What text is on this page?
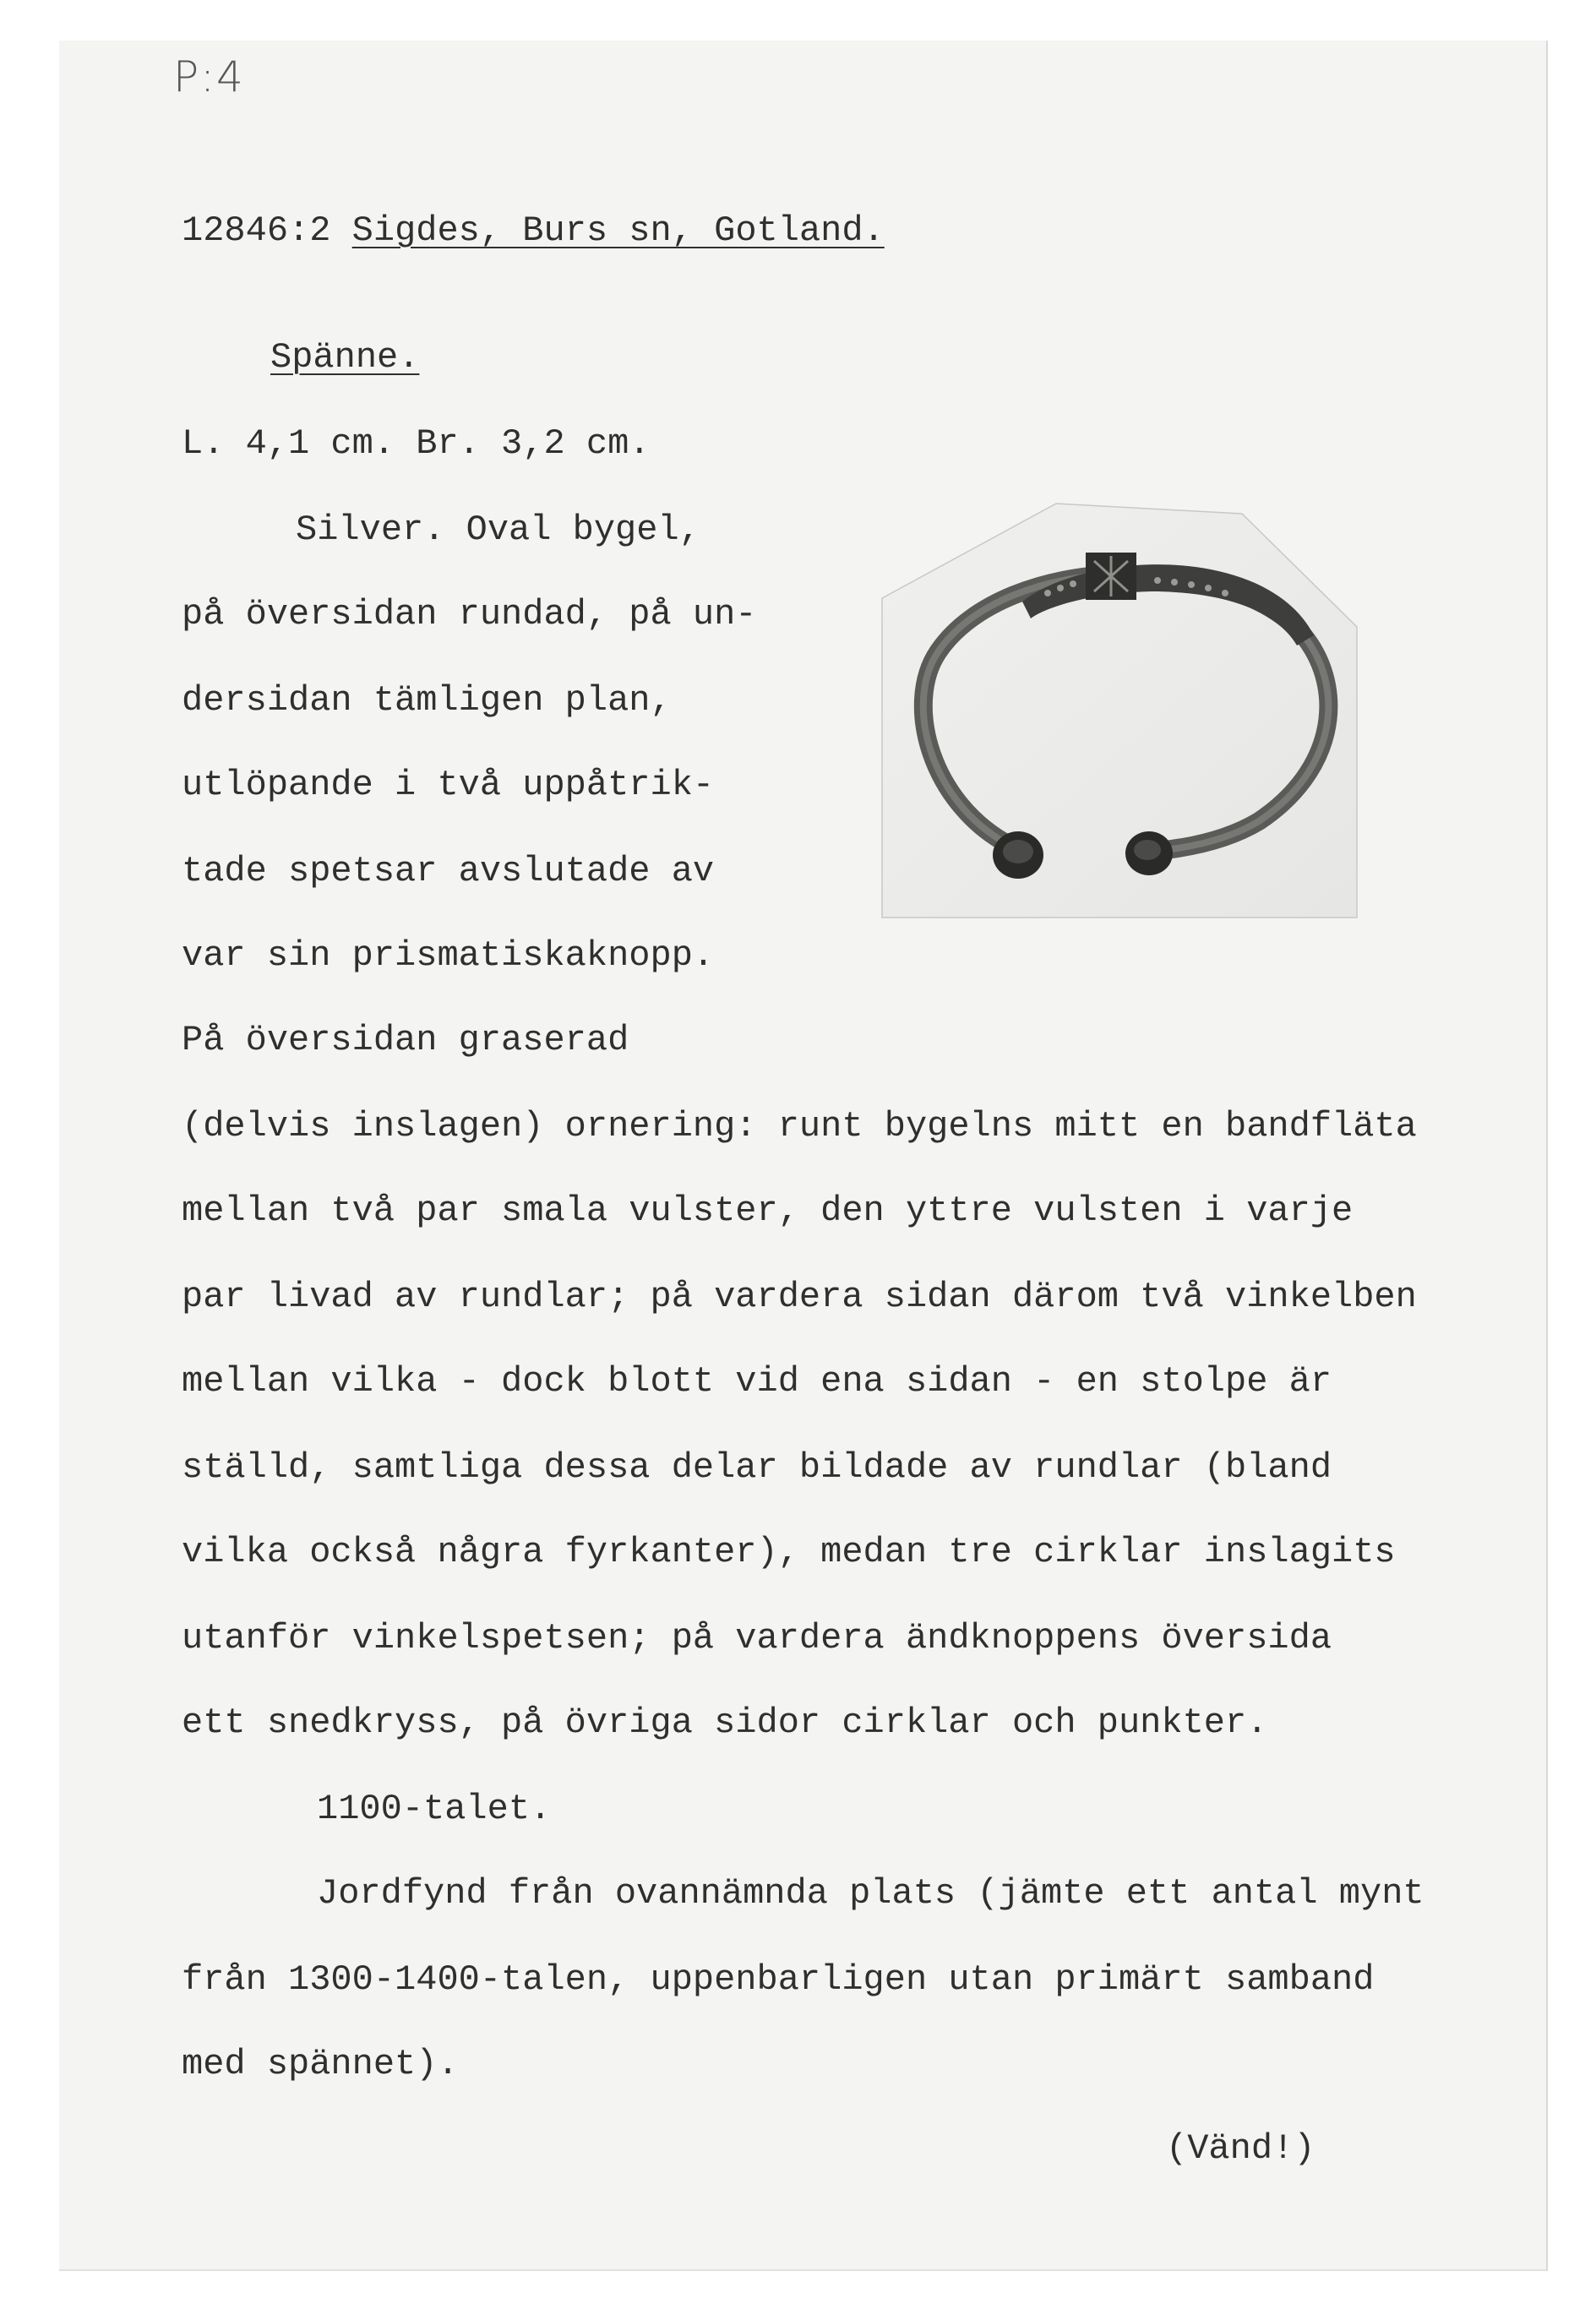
P:4
12846:2 Sigdes, Burs sn, Gotland.
Spänne.
L. 4,1 cm. Br. 3,2 cm.
Silver. Oval bygel,
på översidan rundad, på un-
dersidan tämligen plan,
utlöpande i två uppåtrik-
tade spetsar avslutade av
var sin prismatiskaknopp.
På översidan graserad
(delvis inslagen) ornering: runt bygelns mitt en bandfläta
mellan två par smala vulster, den yttre vulsten i varje
par livad av rundlar; på vardera sidan därom två vinkelben
mellan vilka - dock blott vid ena sidan - en stolpe är
ställd, samtliga dessa delar bildade av rundlar (bland
vilka också några fyrkanter), medan tre cirklar inslagits
utanför vinkelspetsen; på vardera ändknoppens översida
ett snedkryss, på övriga sidor cirklar och punkter.
1100-talet.
Jordfynd från ovannämnda plats (jämte ett antal mynt
från 1300-1400-talen, uppenbarligen utan primärt samband
med spännet).
(Vänd!)
